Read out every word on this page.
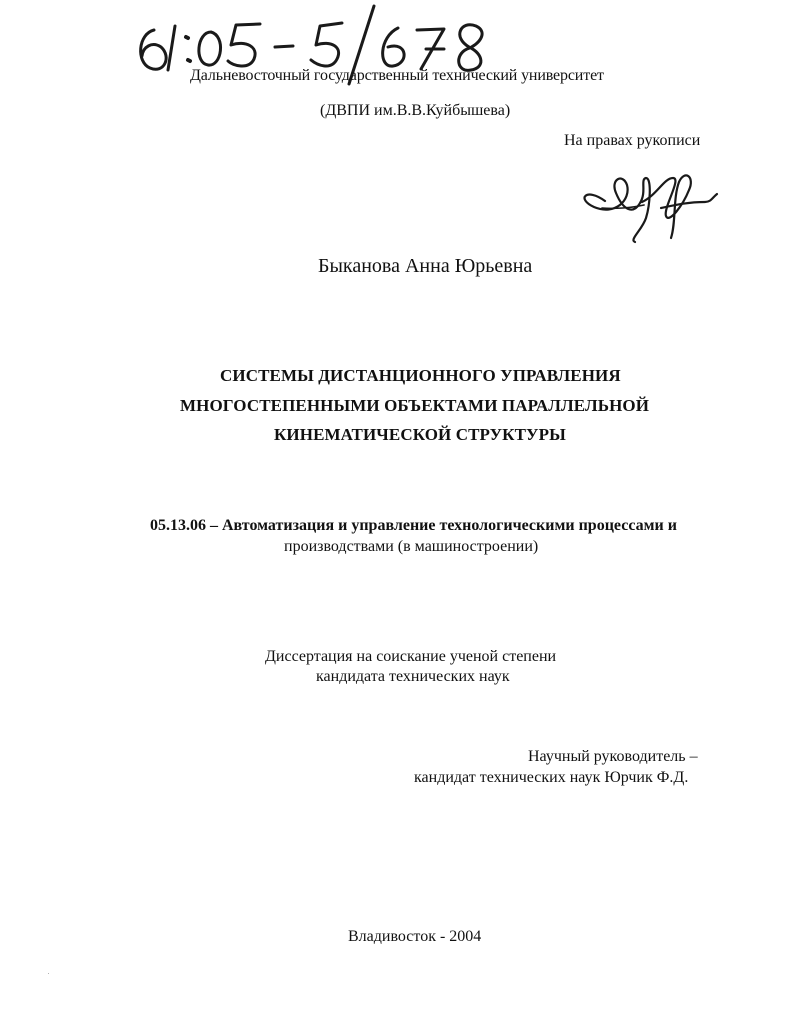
Дальневосточный государственный технический университет
(ДВПИ им.В.В.Куйбышева)
На правах рукописи
Быканова Анна Юрьевна
СИСТЕМЫ ДИСТАНЦИОННОГО УПРАВЛЕНИЯ
МНОГОСТЕПЕННЫМИ ОБЪЕКТАМИ ПАРАЛЛЕЛЬНОЙ
КИНЕМАТИЧЕСКОЙ СТРУКТУРЫ
05.13.06 – Автоматизация и управление технологическими процессами и
производствами (в машиностроении)
Диссертация на соискание ученой степени
кандидата технических наук
Научный руководитель –
кандидат технических наук Юрчик Ф.Д.
Владивосток - 2004
